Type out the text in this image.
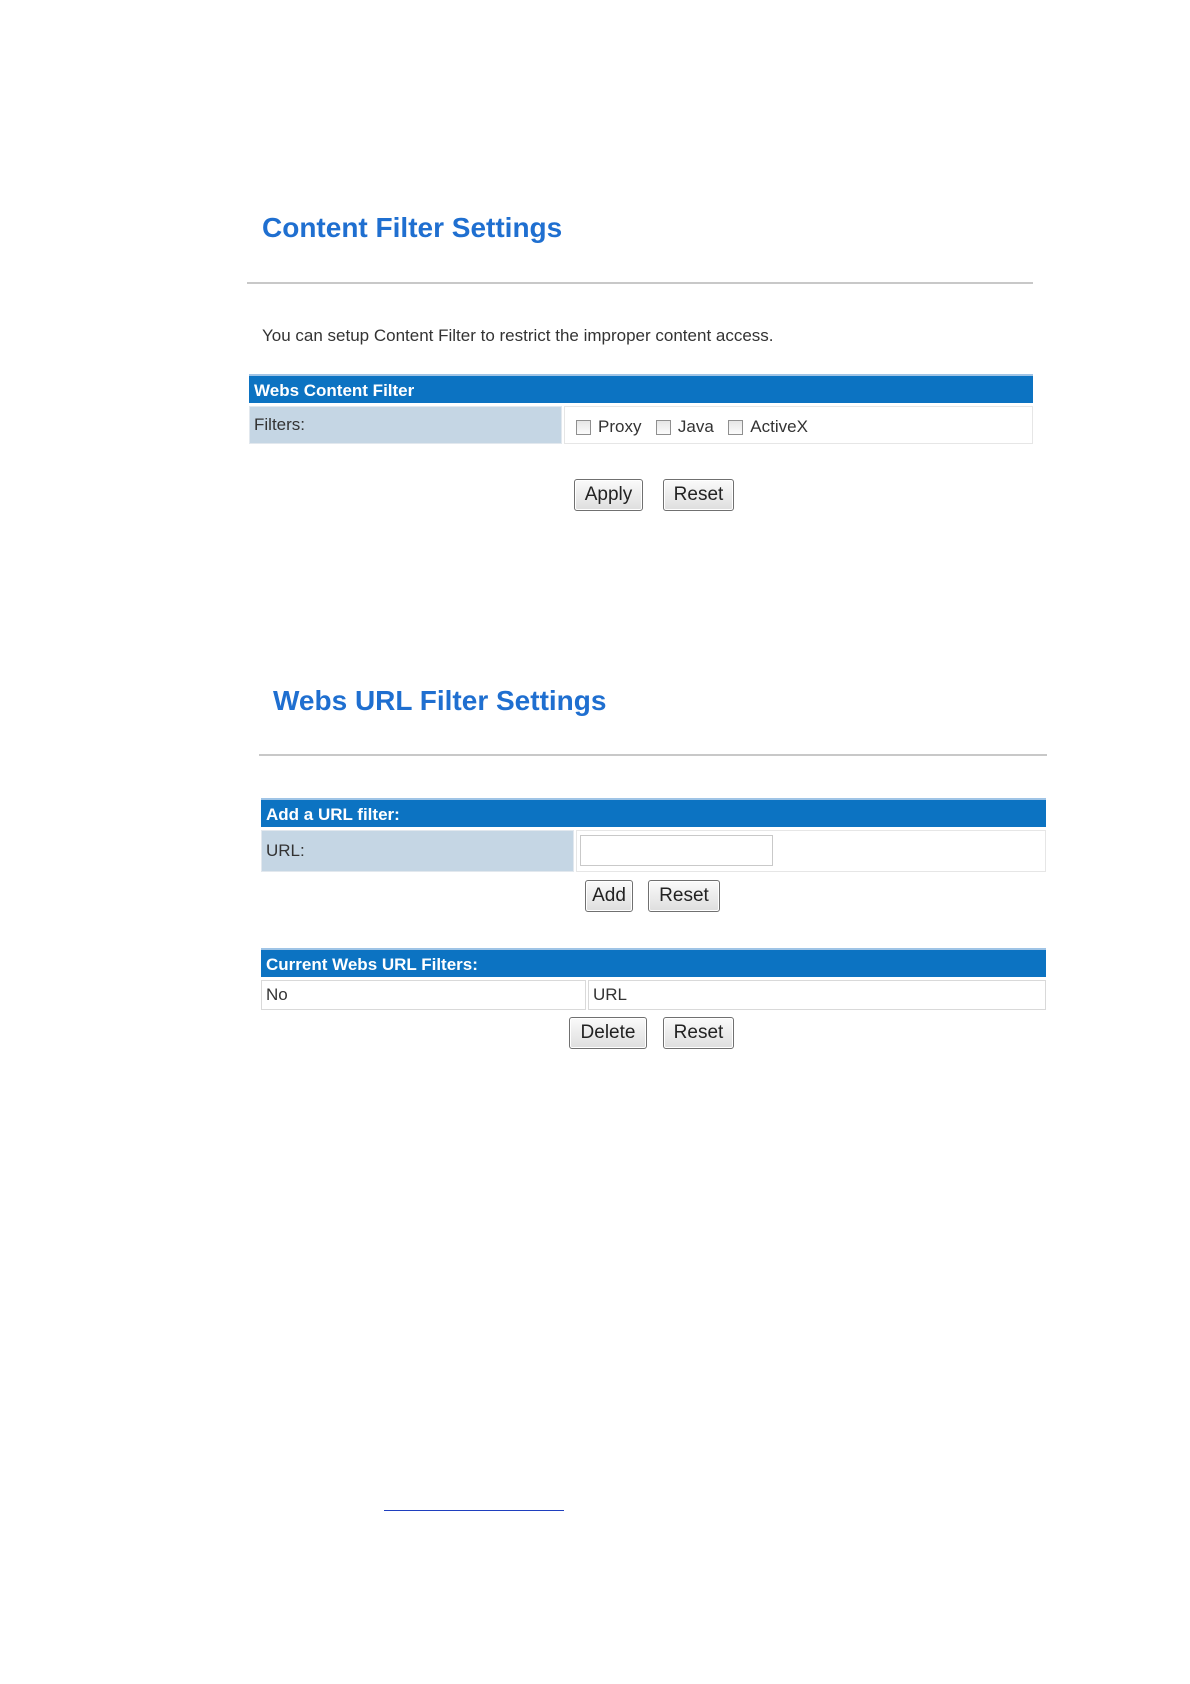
Content Filter Settings
You can setup Content Filter to restrict the improper content access.
Webs Content Filter
Filters:	Proxy Java ActiveX
Apply	Reset
Webs URL Filter Settings
Add a URL filter:
URL:
Add	Reset
Current Webs URL Filters:
No	URL
Delete	Reset
